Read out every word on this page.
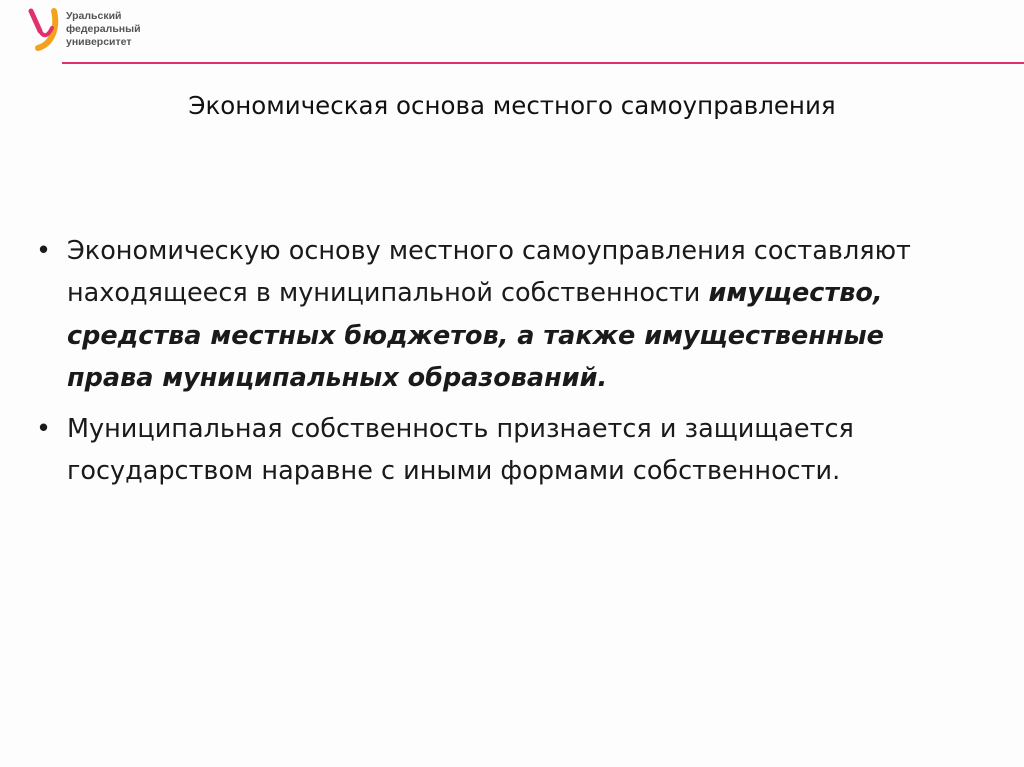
Уральский
федеральный
университет
Экономическая основа местного самоуправления
• Экономическую основу местного самоуправления составляют находящееся в муниципальной собственности имущество, средства местных бюджетов, а также имущественные права муниципальных образований.
• Муниципальная собственность признается и защищается государством наравне с иными формами собственности.
